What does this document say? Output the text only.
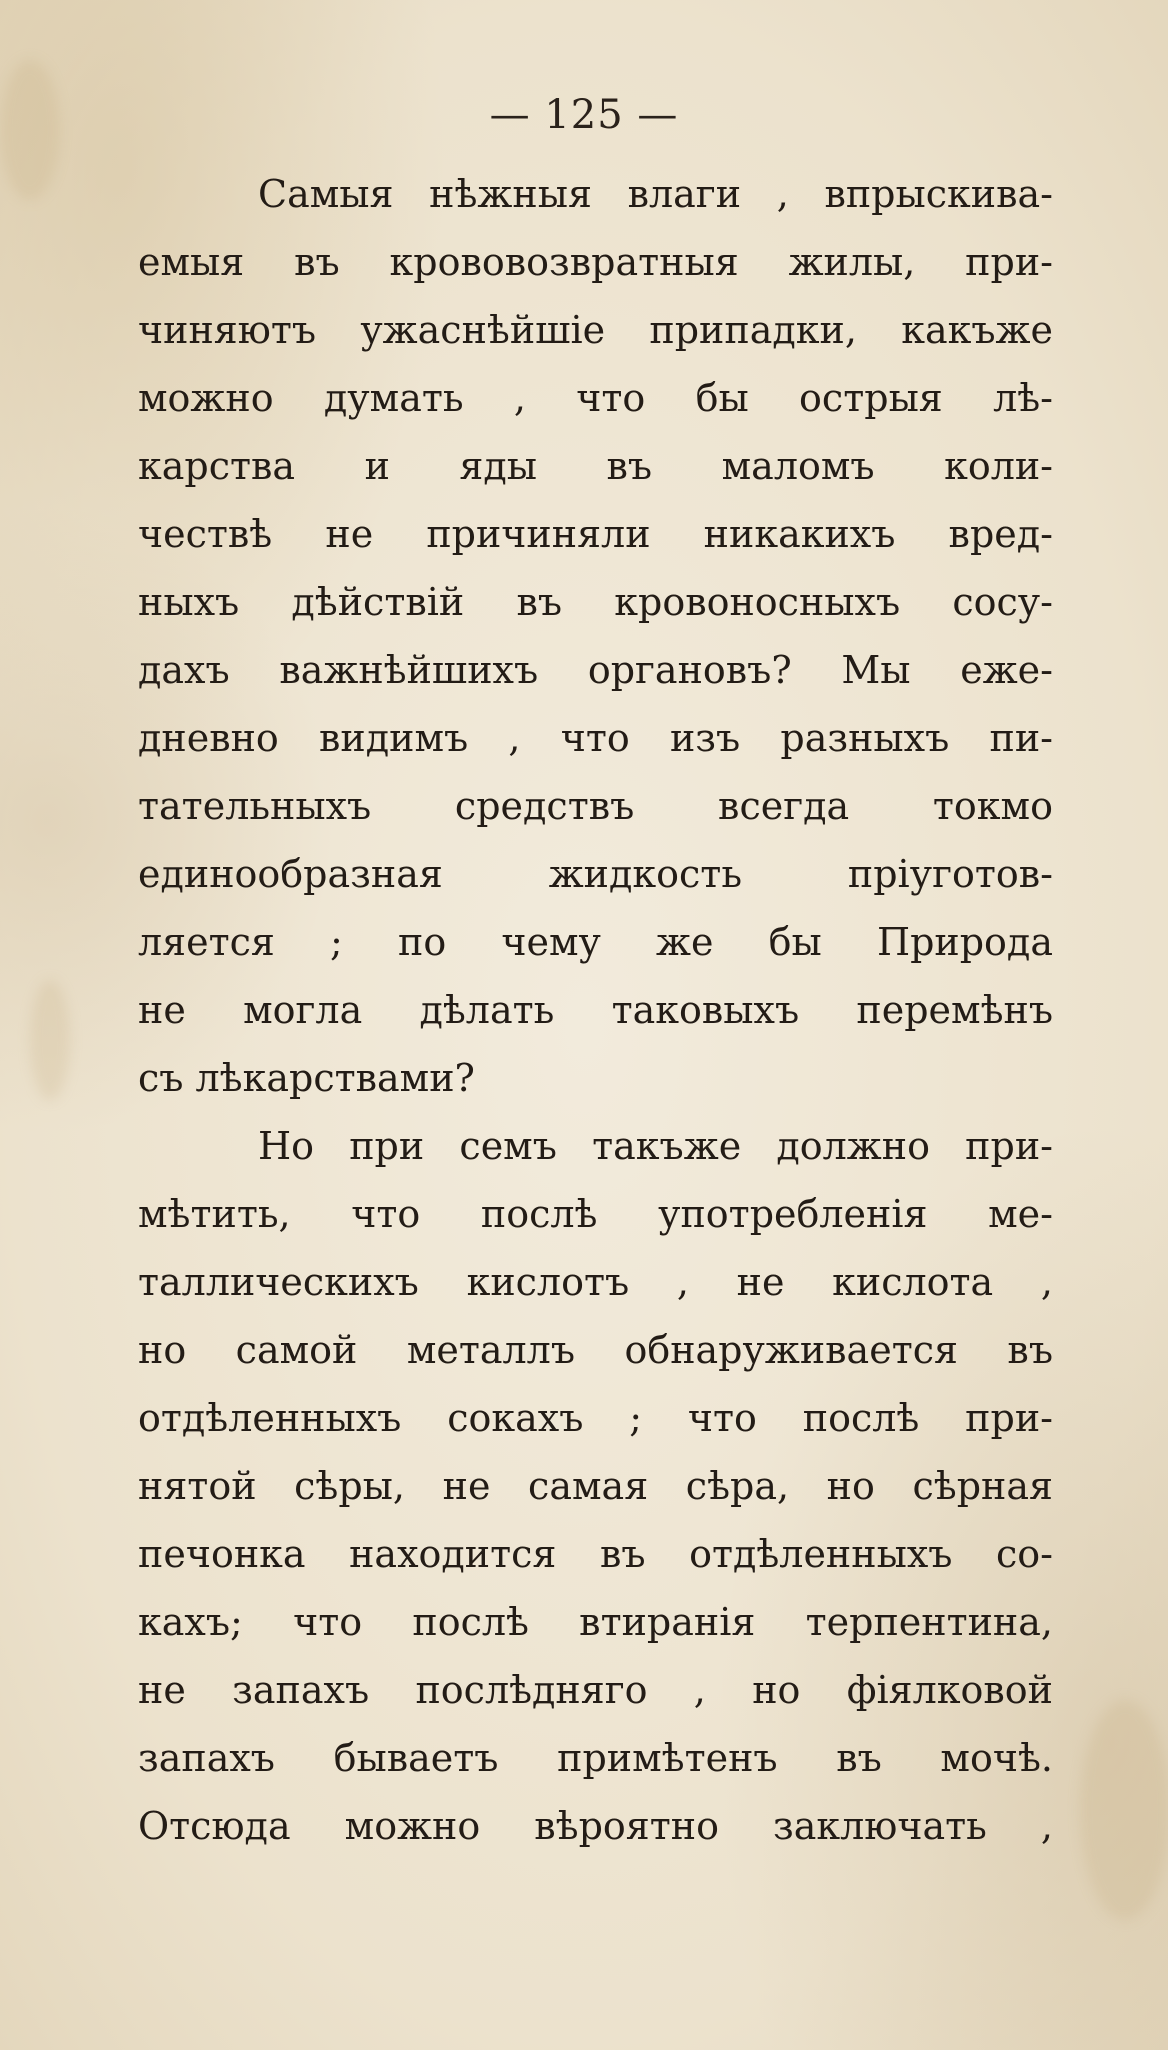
— 125 —
Самыя нѣжныя влаги , впрыскива-
емыя въ крововозвратныя жилы, при-
чиняютъ ужаснѣйшіе припадки, какъже
можно думать , что бы острыя лѣ-
карства и яды въ маломъ коли-
чествѣ не причиняли никакихъ вред-
ныхъ дѣйствій въ кровоносныхъ сосу-
дахъ важнѣйшихъ органовъ? Мы еже-
дневно видимъ , что изъ разныхъ пи-
тательныхъ средствъ всегда токмо
единообразная жидкость пріуготов-
ляется ; по чему же бы Природа
не могла дѣлать таковыхъ перемѣнъ
съ лѣкарствами?
Но при семъ такъже должно при-
мѣтить, что послѣ употребленія ме-
таллическихъ кислотъ , не кислота ,
но самой металлъ обнаруживается въ
отдѣленныхъ сокахъ ; что послѣ при-
нятой сѣры, не самая сѣра, но сѣрная
печонка находится въ отдѣленныхъ со-
кахъ; что послѣ втиранія терпентина,
не запахъ послѣдняго , но фіялковой
запахъ бываетъ примѣтенъ въ мочѣ.
Отсюда можно вѣроятно заключать ,
